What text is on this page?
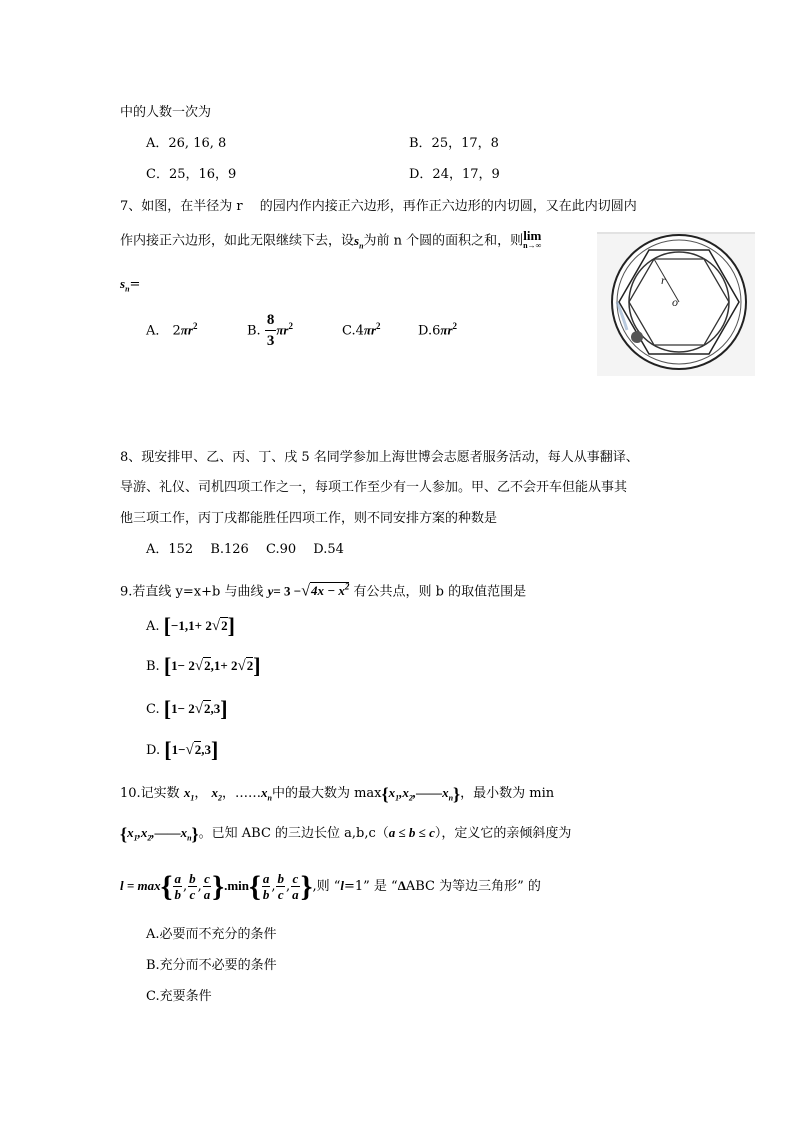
中的人数一次为
A．26, 16, 8	B．25，17，8
C．25，16，9	D．24，17，9
7、如图，在半径为 r 　的园内作内接正六边形，再作正六边形的内切圆，又在此内切圆内
作内接正六边形，如此无限继续下去，设$s_n$为前 n 个圆的面积之和，则 lim
n→∞
$s_n=$
A． $2\pi r^2$	B. $\frac{8}{3} \pi r^2$	$C.4\pi r^2$	$D.6\pi r^2$
r
o
8、现安排甲、乙、丙、丁、戌 5 名同学参加上海世博会志愿者服务活动，每人从事翻译、
导游、礼仪、司机四项工作之一，每项工作至少有一人参加。甲、乙不会开车但能从事其
他三项工作，丙丁戌都能胜任四项工作，则不同安排方案的种数是
A．152　 B.126　 C.90　 D.54
9.若直线 y=x+b 与曲线 $y= 3 -√4x - x^2$ 有公共点，则 b 的取值范围是
A. [−1,1+ 2√2]
B. [1− 2√2,1+ 2√2]
C. [1− 2√2,3]
D. [1−√2,3]
10.记实数 $x_1$， $x_2$，$\dots\dots x_n$中的最大数为 $\max\{x_1,x_2,——x_n\}$，最小数为 min
$\{x_1,x_2,——x_n\}$。已知 ABC 的三边长位 a,b,c（a ≤ b ≤ c），定义它的亲倾斜度为
$l = \max\{ \frac{a}{b}$ , $\frac{b}{c}$ , $\frac{c}{a} \}.\min\{ \frac{a}{b}$ , $\frac{b}{c}$ , $\frac{c}{a}$ },则 “l=1” 是 “ΔABC 为等边三角形” 的
A.必要而不充分的条件
B.充分而不必要的条件
C.充要条件
